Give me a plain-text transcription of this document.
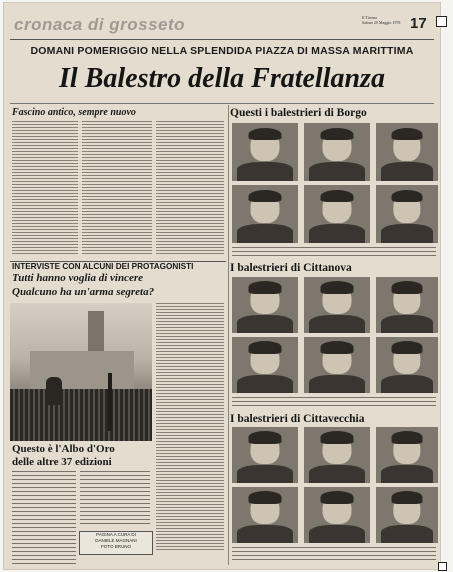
cronaca di grosseto	Il Tirreno
Sabato 20 Maggio 1978 17
DOMANI POMERIGGIO NELLA SPLENDIDA PIAZZA DI MASSA MARITTIMA
Il Balestro della Fratellanza
Fascino antico, sempre nuovo
INTERVISTE CON ALCUNI DEI PROTAGONISTI
Tutti hanno voglia di vincere
Qualcuno ha un'arma segreta?
Questo è l'Albo d'Oro
delle altre 37 edizioni
PAGINA A CURA DI
DANIELE MAGNANI
FOTO BRUNO
Questi i balestrieri di Borgo
I balestrieri di Cittanova
I balestrieri di Cittavecchia
